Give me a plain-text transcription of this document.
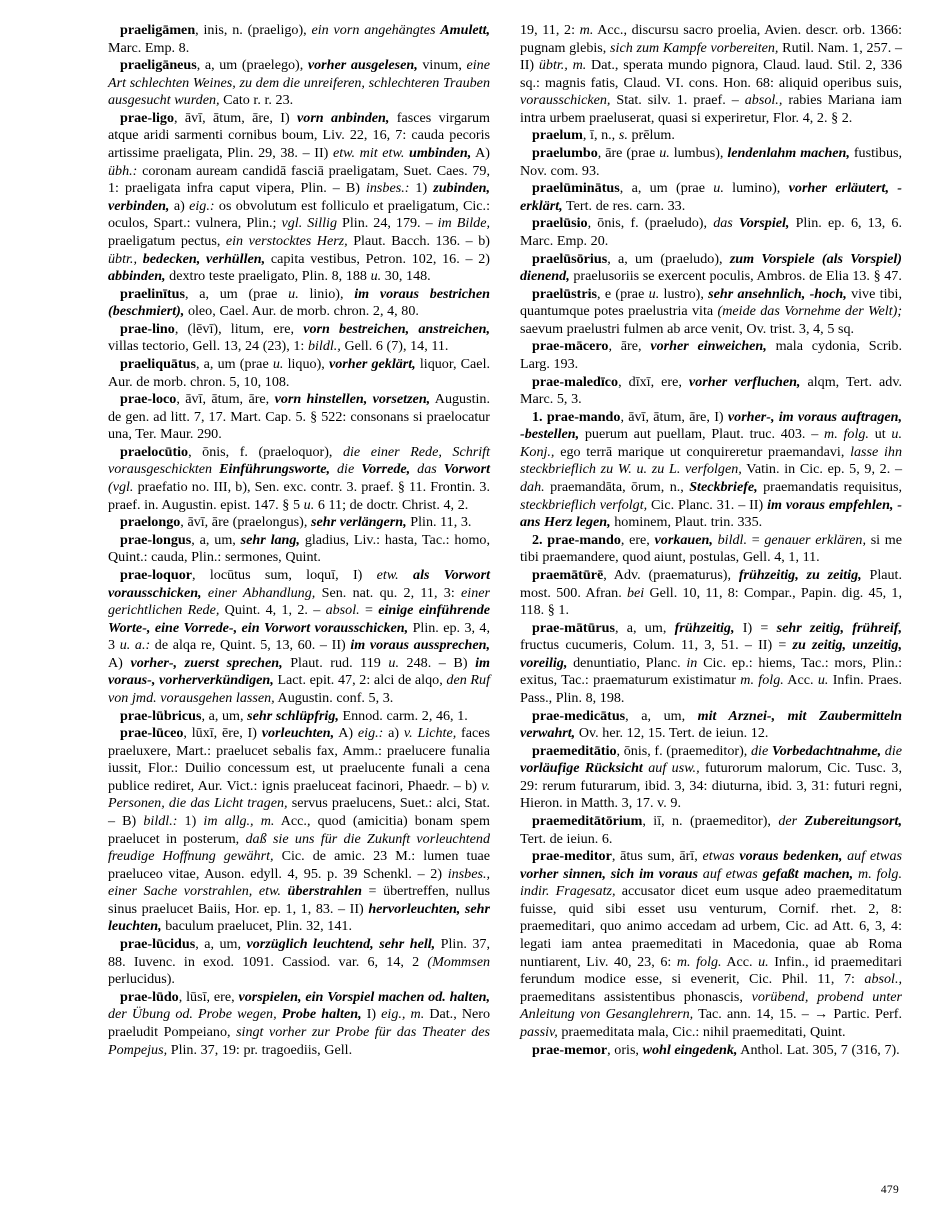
praeligāmen, inis, n. (praeligo), ein vorn angehängtes Amulett, Marc. Emp. 8.

praeligāneus, a, um (praelego), vorher ausgelesen, vinum, eine Art schlechten Weines, zu dem die unreiferen, schlechteren Trauben ausgesucht wurden, Cato r. r. 23.

prae-ligo, āvī, ātum, āre, I) vorn anbinden, fasces virgarum atque aridi sarmenti cornibus boum, Liv. 22, 16, 7: cauda pecoris artissime praeligata, Plin. 29, 38. – II) etw. mit etw. umbinden, A) übh.: coronam auream candidā fasciā praeligatam, Suet. Caes. 79, 1: praeligata infra caput vipera, Plin. – B) insbes.: 1) zubinden, verbinden, a) eig.: os obvolutum est folliculo et praeligatum, Cic.: oculos, Spart.: vulnera, Plin.; vgl. Sillig Plin. 24, 179. – im Bilde, praeligatum pectus, ein verstocktes Herz, Plaut. Bacch. 136. – b) übtr., bedecken, verhüllen, capita vestibus, Petron. 102, 16. – 2) abbinden, dextro teste praeligato, Plin. 8, 188 u. 30, 148.

praelinītus, a, um (prae u. linio), im voraus bestrichen (beschmiert), oleo, Cael. Aur. de morb. chron. 2, 4, 80.

prae-lino, (lēvī), litum, ere, vorn bestreichen, anstreichen, villas tectorio, Gell. 13, 24 (23), 1: bildl., Gell. 6 (7), 14, 11.

praeliquātus, a, um (prae u. liquo), vorher geklärt, liquor, Cael. Aur. de morb. chron. 5, 10, 108.

prae-loco, āvī, ātum, āre, vorn hinstellen, vorsetzen, Augustin. de gen. ad litt. 7, 17. Mart. Cap. 5. § 522: consonans si praelocatur una, Ter. Maur. 290.

praelocūtio, ōnis, f. (praeloquor), die einer Rede, Schrift vorausgeschickten Einführungsworte, die Vorrede, das Vorwort (vgl. praefatio no. III, b), Sen. exc. contr. 3. praef. § 11. Frontin. 3. praef. in. Augustin. epist. 147. § 5 u. 6 11; de doctr. Christ. 4, 2.

praelongo, āvī, āre (praelongus), sehr verlängern, Plin. 11, 3.

prae-longus, a, um, sehr lang, gladius, Liv.: hasta, Tac.: homo, Quint.: cauda, Plin.: sermones, Quint.

prae-loquor, locūtus sum, loquī, I) etw. als Vorwort vorausschicken, einer Abhandlung, Sen. nat. qu. 2, 11, 3: einer gerichtlichen Rede, Quint. 4, 1, 2. – absol. = einige einführende Worte-, eine Vorrede-, ein Vorwort vorausschicken, Plin. ep. 3, 4, 3 u. a.: de alqa re, Quint. 5, 13, 60. – II) im voraus aussprechen, A) vorher-, zuerst sprechen, Plaut. rud. 119 u. 248. – B) im voraus-, vorherverkündigen, Lact. epit. 47, 2: alci de alqo, den Ruf von jmd. vorausgehen lassen, Augustin. conf. 5, 3.

prae-lūbricus, a, um, sehr schlüpfrig, Ennod. carm. 2, 46, 1.

prae-lūceo, lūxī, ēre, I) vorleuchten, A) eig.: a) v. Lichte, faces praeluxere, Mart.: praelucet sebalis fax, Amm.: praelucere funalia iussit, Flor.: Duilio concessum est, ut praelucente funali a cena publice rediret, Aur. Vict.: ignis praeluceat facinori, Phaedr. – b) v. Personen, die das Licht tragen, servus praelucens, Suet.: alci, Stat. – B) bildl.: 1) im allg., m. Acc., quod (amicitia) bonam spem praelucet in posterum, daß sie uns für die Zukunft vorleuchtend freudige Hoffnung gewährt, Cic. de amic. 23 M.: lumen tuae praeluceo vitae, Auson. edyll. 4, 95. p. 39 Schenkl. – 2) insbes., einer Sache vorstrahlen, etw. überstrahlen = übertreffen, nullus sinus praelucet Baiis, Hor. ep. 1, 1, 83. – II) hervorleuchten, sehr leuchten, baculum praelucet, Plin. 32, 141.

prae-lūcidus, a, um, vorzüglich leuchtend, sehr hell, Plin. 37, 88. Iuvenc. in exod. 1091. Cassiod. var. 6, 14, 2 (Mommsen perlucidus).

prae-lūdo, lūsī, ere, vorspielen, ein Vorspiel machen od. halten, der Übung od. Probe wegen, Probe halten, I) eig., m. Dat., Nero praeludit Pompeiano, singt vorher zur Probe für das Theater des Pompejus, Plin. 37, 19: pr. tragoediis, Gell.

19, 11, 2: m. Acc., discursu sacro proelia, Avien. descr. orb. 1366: pugnam glebis, sich zum Kampfe vorbereiten, Rutil. Nam. 1, 257. – II) übtr., m. Dat., sperata mundo pignora, Claud. laud. Stil. 2, 336 sq.: magnis fatis, Claud. VI. cons. Hon. 68: aliquid operibus suis, vorausschicken, Stat. silv. 1. praef. – absol., rabies Mariana iam intra urbem praeluserat, quasi si experiretur, Flor. 4, 2. § 2.

praelum, ī, n., s. prēlum.

praelumbo, āre (prae u. lumbus), lendenlahm machen, fustibus, Nov. com. 93.

praelūminātus, a, um (prae u. lumino), vorher erläutert, -erklärt, Tert. de res. carn. 33.

praelūsio, ōnis, f. (praeludo), das Vorspiel, Plin. ep. 6, 13, 6. Marc. Emp. 20.

praelūsōrius, a, um (praeludo), zum Vorspiele (als Vorspiel) dienend, praelusoriis se exercent poculis, Ambros. de Elia 13. § 47.

praelūstris, e (prae u. lustro), sehr ansehnlich, -hoch, vive tibi, quantumque potes praelustria vita (meide das Vornehme der Welt); saevum praelustri fulmen ab arce venit, Ov. trist. 3, 4, 5 sq.

prae-mācero, āre, vorher einweichen, mala cydonia, Scrib. Larg. 193.

prae-maledīco, dīxī, ere, vorher verfluchen, alqm, Tert. adv. Marc. 5, 3.

1. prae-mando, āvī, ātum, āre, I) vorher-, im voraus auftragen, -bestellen, puerum aut puellam, Plaut. truc. 403. – m. folg. ut u. Konj., ego terrā marique ut conquireretur praemandavi, lasse ihn steckbrieflich zu W. u. zu L. verfolgen, Vatin. in Cic. ep. 5, 9, 2. – dah. praemandāta, ōrum, n., Steckbriefe, praemandatis requisitus, steckbrieflich verfolgt, Cic. Planc. 31. – II) im voraus empfehlen, -ans Herz legen, hominem, Plaut. trin. 335.

2. prae-mando, ere, vorkauen, bildl. = genauer erklären, si me tibi praemandere, quod aiunt, postulas, Gell. 4, 1, 11.

praemātūrē, Adv. (praematurus), frühzeitig, zu zeitig, Plaut. most. 500. Afran. bei Gell. 10, 11, 8: Compar., Papin. dig. 45, 1, 118. § 1.

prae-mātūrus, a, um, frühzeitig, I) = sehr zeitig, frühreif, fructus cucumeris, Colum. 11, 3, 51. – II) = zu zeitig, unzeitig, voreilig, denuntiatio, Planc. in Cic. ep.: hiems, Tac.: mors, Plin.: exitus, Tac.: praematurum existimatur m. folg. Acc. u. Infin. Praes. Pass., Plin. 8, 198.

prae-medicātus, a, um, mit Arznei-, mit Zaubermitteln verwahrt, Ov. her. 12, 15. Tert. de ieiun. 12.

praemeditātio, ōnis, f. (praemeditor), die Vorbedachtnahme, die vorläufige Rücksicht auf usw., futurorum malorum, Cic. Tusc. 3, 29: rerum futurarum, ibid. 3, 34: diuturna, ibid. 3, 31: futuri regni, Hieron. in Matth. 3, 17. v. 9.

praemeditātōrium, iī, n. (praemeditor), der Zubereitungsort, Tert. de ieiun. 6.

prae-meditor, ātus sum, ārī, etwas voraus bedenken, auf etwas vorher sinnen, sich im voraus auf etwas gefaßt machen, m. folg. indir. Fragesatz, accusator dicet eum usque adeo praemeditatum fuisse, quid sibi esset usu venturum, Cornif. rhet. 2, 8: praemeditari, quo animo accedam ad urbem, Cic. ad Att. 6, 3, 4: legati iam antea praemeditati in Macedonia, quae ab Roma nuntiarent, Liv. 40, 23, 6: m. folg. Acc. u. Infin., id praemeditari ferundum modice esse, si evenerit, Cic. Phil. 11, 7: absol., praemeditans assistentibus phonascis, vorübend, probend unter Anleitung von Gesanglehrern, Tac. ann. 14, 15. – → Partic. Perf. passiv, praemeditata mala, Cic.: nihil praemeditati, Quint.

prae-memor, oris, wohl eingedenk, Anthol. Lat. 305, 7 (316, 7).

479
